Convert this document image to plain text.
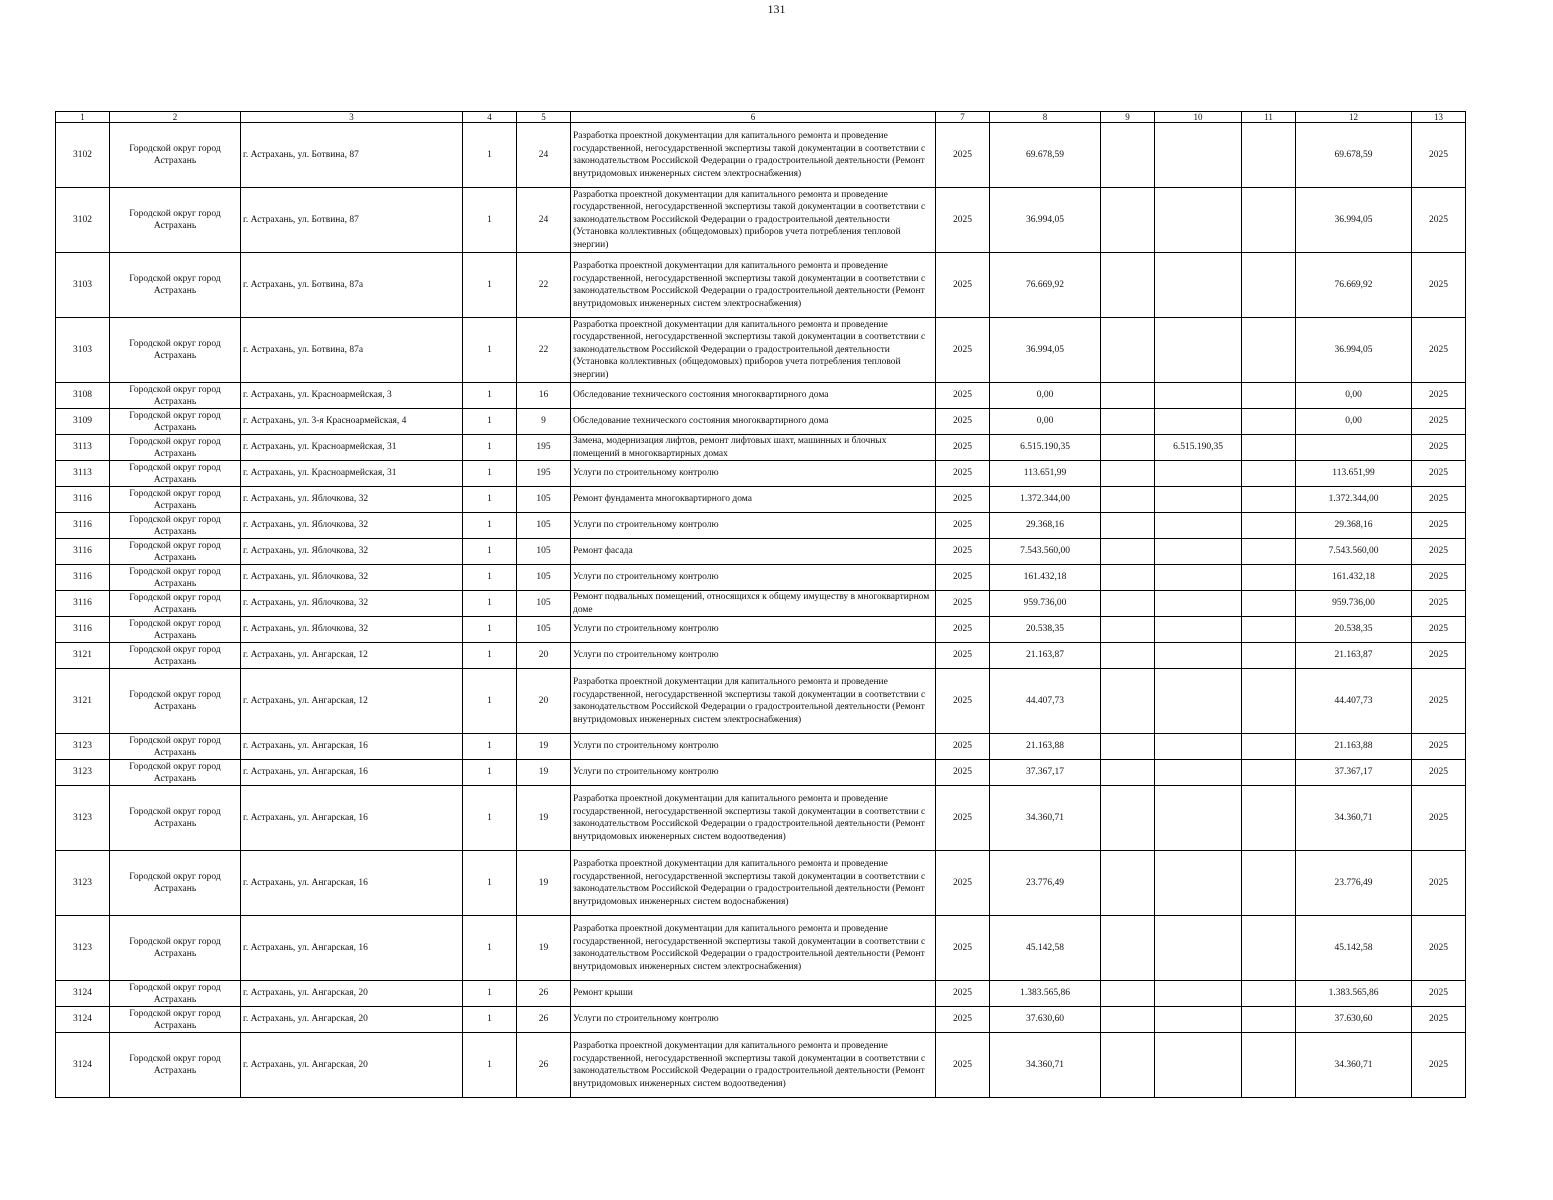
131
1	2	3	4	5	6	7	8	9	10	11	12	13
3102	Городской округ город Астрахань	г. Астрахань, ул. Ботвина, 87	1	24	Разработка проектной документации для капитального ремонта и проведение государственной, негосударственной экспертизы такой документации в соответствии с законодательством Российской Федерации о градостроительной деятельности (Ремонт внутридомовых инженерных систем электроснабжения)	2025	69.678,59				69.678,59	2025
3102	Городской округ город Астрахань	г. Астрахань, ул. Ботвина, 87	1	24	Разработка проектной документации для капитального ремонта и проведение государственной, негосударственной экспертизы такой документации в соответствии с законодательством Российской Федерации о градостроительной деятельности (Установка коллективных (общедомовых) приборов учета потребления тепловой энергии)	2025	36.994,05				36.994,05	2025
3103	Городской округ город Астрахань	г. Астрахань, ул. Ботвина, 87а	1	22	Разработка проектной документации для капитального ремонта и проведение государственной, негосударственной экспертизы такой документации в соответствии с законодательством Российской Федерации о градостроительной деятельности (Ремонт внутридомовых инженерных систем электроснабжения)	2025	76.669,92				76.669,92	2025
3103	Городской округ город Астрахань	г. Астрахань, ул. Ботвина, 87а	1	22	Разработка проектной документации для капитального ремонта и проведение государственной, негосударственной экспертизы такой документации в соответствии с законодательством Российской Федерации о градостроительной деятельности (Установка коллективных (общедомовых) приборов учета потребления тепловой энергии)	2025	36.994,05				36.994,05	2025
3108	Городской округ город Астрахань	г. Астрахань, ул. Красноармейская, 3	1	16	Обследование технического состояния многоквартирного дома	2025	0,00				0,00	2025
3109	Городской округ город Астрахань	г. Астрахань, ул. 3-я Красноармейская, 4	1	9	Обследование технического состояния многоквартирного дома	2025	0,00				0,00	2025
3113	Городской округ город Астрахань	г. Астрахань, ул. Красноармейская, 31	1	195	Замена, модернизация лифтов, ремонт лифтовых шахт, машинных и блочных помещений в многоквартирных домах	2025	6.515.190,35		6.515.190,35			2025
3113	Городской округ город Астрахань	г. Астрахань, ул. Красноармейская, 31	1	195	Услуги по строительному контролю	2025	113.651,99				113.651,99	2025
3116	Городской округ город Астрахань	г. Астрахань, ул. Яблочкова, 32	1	105	Ремонт фундамента многоквартирного дома	2025	1.372.344,00				1.372.344,00	2025
3116	Городской округ город Астрахань	г. Астрахань, ул. Яблочкова, 32	1	105	Услуги по строительному контролю	2025	29.368,16				29.368,16	2025
3116	Городской округ город Астрахань	г. Астрахань, ул. Яблочкова, 32	1	105	Ремонт фасада	2025	7.543.560,00				7.543.560,00	2025
3116	Городской округ город Астрахань	г. Астрахань, ул. Яблочкова, 32	1	105	Услуги по строительному контролю	2025	161.432,18				161.432,18	2025
3116	Городской округ город Астрахань	г. Астрахань, ул. Яблочкова, 32	1	105	Ремонт подвальных помещений, относящихся к общему имуществу в многоквартирном доме	2025	959.736,00				959.736,00	2025
3116	Городской округ город Астрахань	г. Астрахань, ул. Яблочкова, 32	1	105	Услуги по строительному контролю	2025	20.538,35				20.538,35	2025
3121	Городской округ город Астрахань	г. Астрахань, ул. Ангарская, 12	1	20	Услуги по строительному контролю	2025	21.163,87				21.163,87	2025
3121	Городской округ город Астрахань	г. Астрахань, ул. Ангарская, 12	1	20	Разработка проектной документации для капитального ремонта и проведение государственной, негосударственной экспертизы такой документации в соответствии с законодательством Российской Федерации о градостроительной деятельности (Ремонт внутридомовых инженерных систем электроснабжения)	2025	44.407,73				44.407,73	2025
3123	Городской округ город Астрахань	г. Астрахань, ул. Ангарская, 16	1	19	Услуги по строительному контролю	2025	21.163,88				21.163,88	2025
3123	Городской округ город Астрахань	г. Астрахань, ул. Ангарская, 16	1	19	Услуги по строительному контролю	2025	37.367,17				37.367,17	2025
3123	Городской округ город Астрахань	г. Астрахань, ул. Ангарская, 16	1	19	Разработка проектной документации для капитального ремонта и проведение государственной, негосударственной экспертизы такой документации в соответствии с законодательством Российской Федерации о градостроительной деятельности (Ремонт внутридомовых инженерных систем водоотведения)	2025	34.360,71				34.360,71	2025
3123	Городской округ город Астрахань	г. Астрахань, ул. Ангарская, 16	1	19	Разработка проектной документации для капитального ремонта и проведение государственной, негосударственной экспертизы такой документации в соответствии с законодательством Российской Федерации о градостроительной деятельности (Ремонт внутридомовых инженерных систем водоснабжения)	2025	23.776,49				23.776,49	2025
3123	Городской округ город Астрахань	г. Астрахань, ул. Ангарская, 16	1	19	Разработка проектной документации для капитального ремонта и проведение государственной, негосударственной экспертизы такой документации в соответствии с законодательством Российской Федерации о градостроительной деятельности (Ремонт внутридомовых инженерных систем электроснабжения)	2025	45.142,58				45.142,58	2025
3124	Городской округ город Астрахань	г. Астрахань, ул. Ангарская, 20	1	26	Ремонт крыши	2025	1.383.565,86				1.383.565,86	2025
3124	Городской округ город Астрахань	г. Астрахань, ул. Ангарская, 20	1	26	Услуги по строительному контролю	2025	37.630,60				37.630,60	2025
3124	Городской округ город Астрахань	г. Астрахань, ул. Ангарская, 20	1	26	Разработка проектной документации для капитального ремонта и проведение государственной, негосударственной экспертизы такой документации в соответствии с законодательством Российской Федерации о градостроительной деятельности (Ремонт внутридомовых инженерных систем водоотведения)	2025	34.360,71				34.360,71	2025
